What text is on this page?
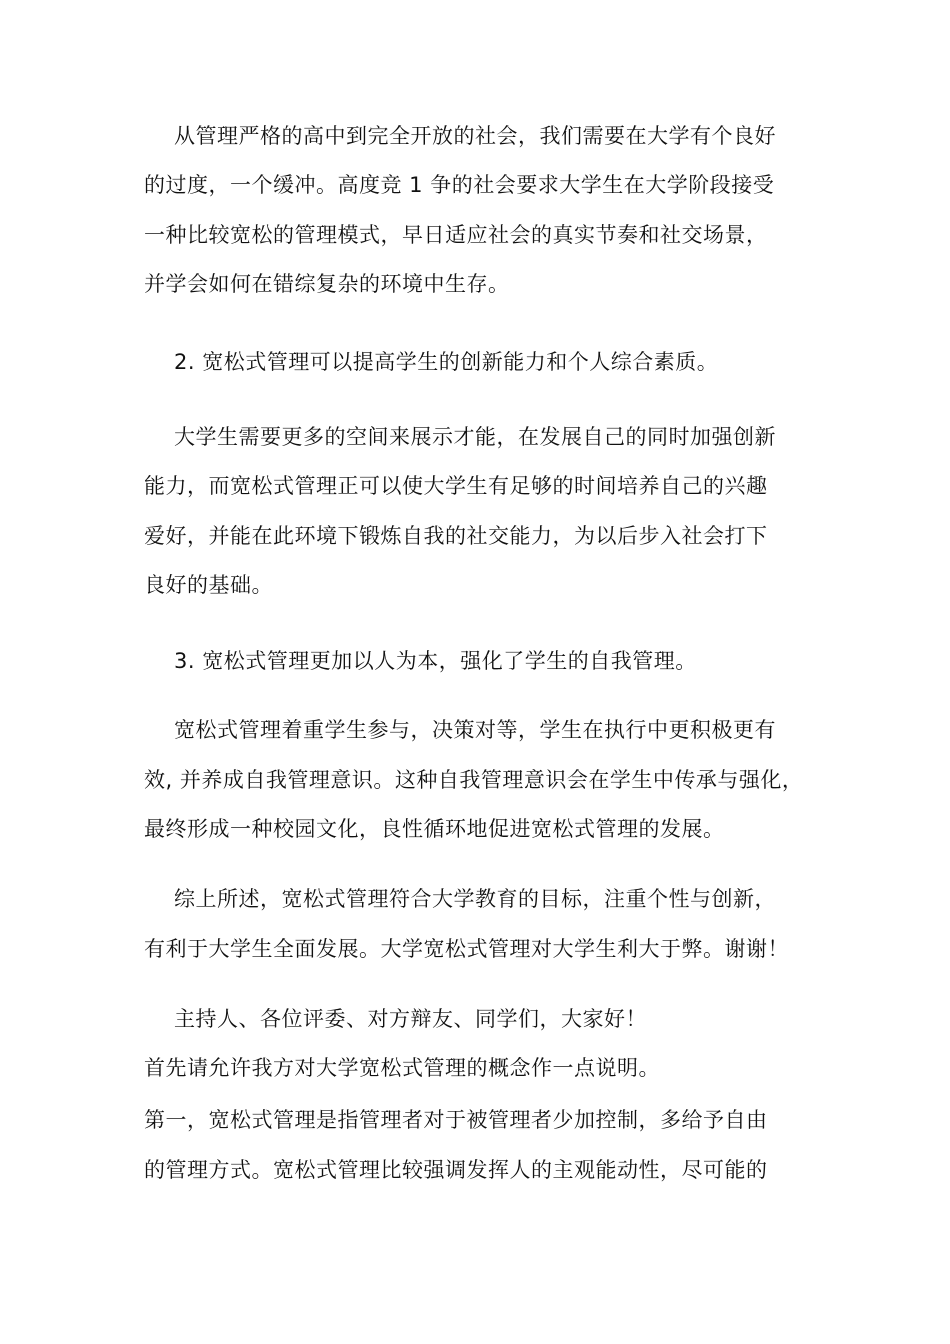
从管理严格的高中到完全开放的社会，我们需要在大学有个良好
的过度，一个缓冲。高度竞 1 争的社会要求大学生在大学阶段接受
一种比较宽松的管理模式，早日适应社会的真实节奏和社交场景，
并学会如何在错综复杂的环境中生存。
2. 宽松式管理可以提高学生的创新能力和个人综合素质。
大学生需要更多的空间来展示才能，在发展自己的同时加强创新
能力，而宽松式管理正可以使大学生有足够的时间培养自己的兴趣
爱好，并能在此环境下锻炼自我的社交能力，为以后步入社会打下
良好的基础。
3. 宽松式管理更加以人为本，强化了学生的自我管理。
宽松式管理着重学生参与，决策对等，学生在执行中更积极更有
效, 并养成自我管理意识。这种自我管理意识会在学生中传承与强化，
最终形成一种校园文化，良性循环地促进宽松式管理的发展。
综上所述，宽松式管理符合大学教育的目标，注重个性与创新，
有利于大学生全面发展。大学宽松式管理对大学生利大于弊。谢谢！
主持人、各位评委、对方辩友、同学们，大家好！
首先请允许我方对大学宽松式管理的概念作一点说明。
第一，宽松式管理是指管理者对于被管理者少加控制，多给予自由
的管理方式。宽松式管理比较强调发挥人的主观能动性，尽可能的
